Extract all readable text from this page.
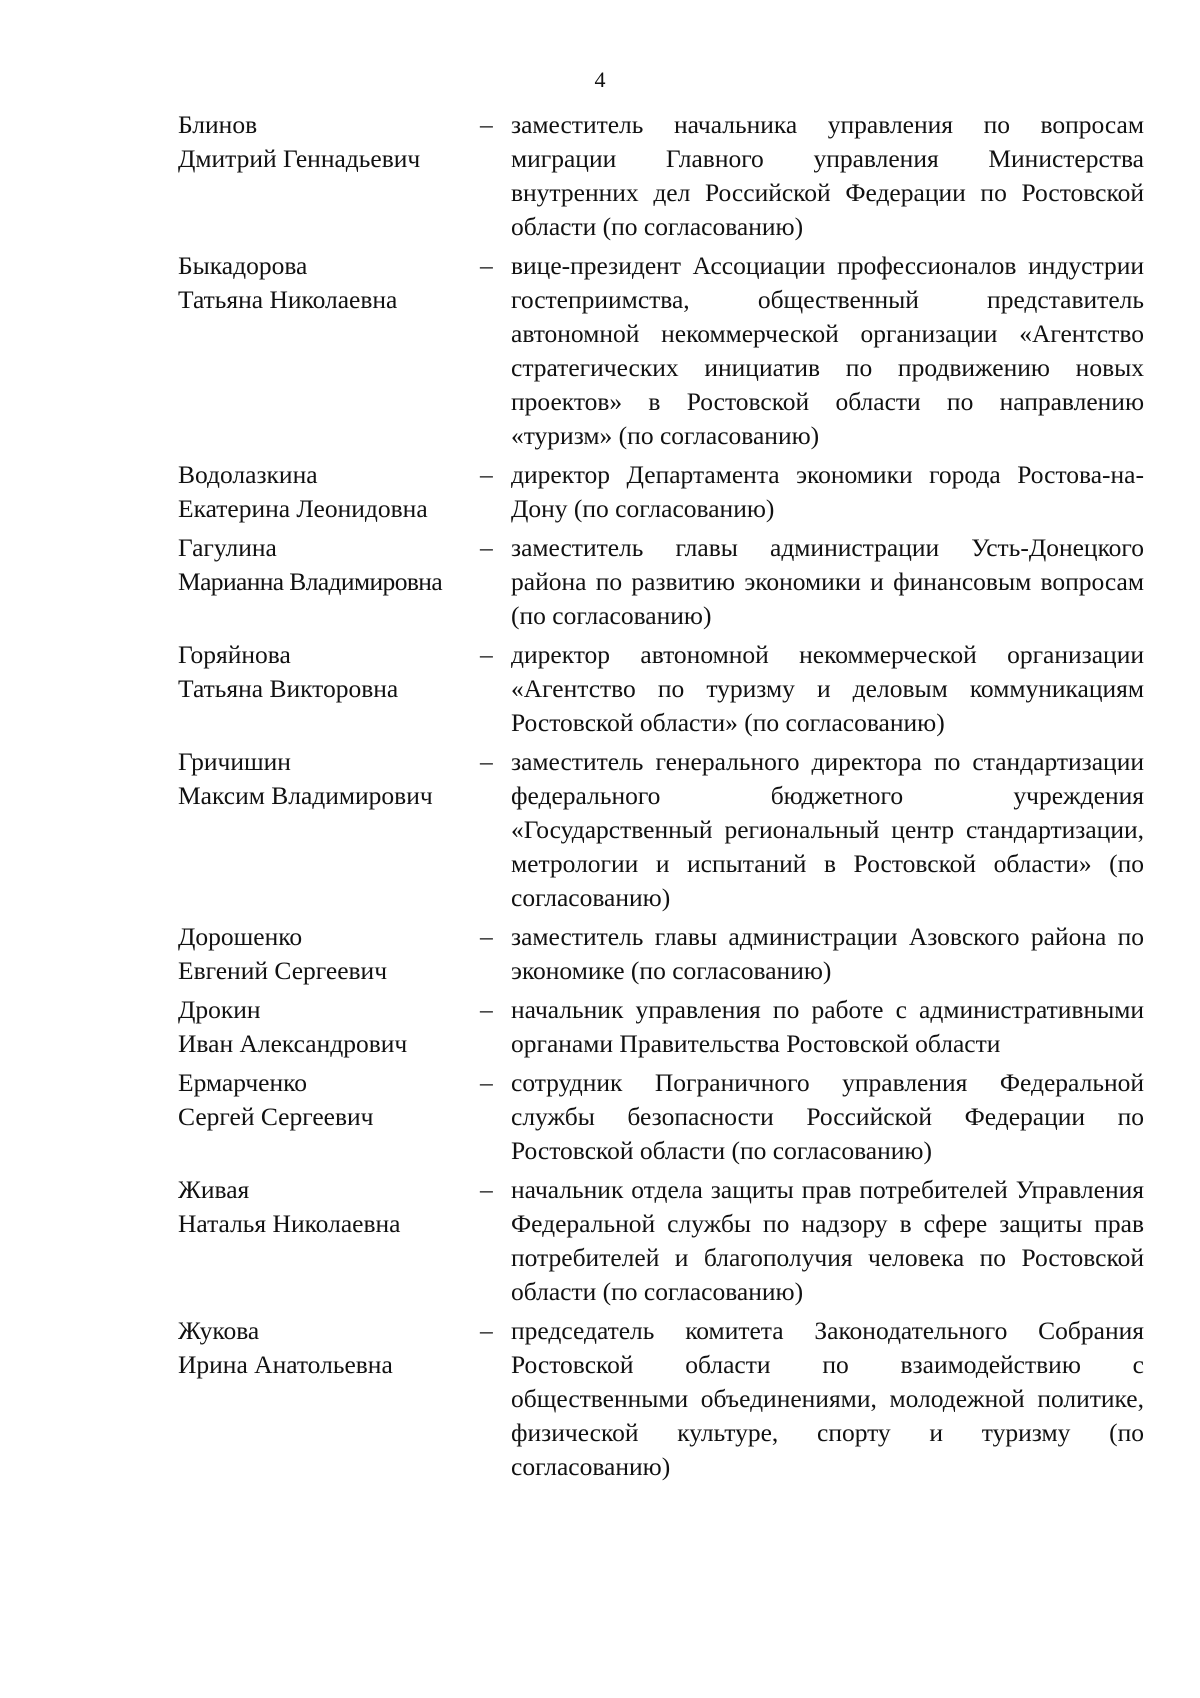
4
Блинов
Дмитрий Геннадьевич
– заместитель начальника управления по вопросам миграции Главного управления Министерства внутренних дел Российской Федерации по Ростовской области (по согласованию)
Быкадорова
Татьяна Николаевна
– вице-президент Ассоциации профессионалов индустрии гостеприимства, общественный представитель автономной некоммерческой организации «Агентство стратегических инициатив по продвижению новых проектов» в Ростовской области по направлению «туризм» (по согласованию)
Водолазкина
Екатерина Леонидовна
– директор Департамента экономики города Ростова-на-Дону (по согласованию)
Гагулина
Марианна Владимировна
– заместитель главы администрации Усть-Донецкого района по развитию экономики и финансовым вопросам (по согласованию)
Горяйнова
Татьяна Викторовна
– директор автономной некоммерческой организации «Агентство по туризму и деловым коммуникациям Ростовской области» (по согласованию)
Гричишин
Максим Владимирович
– заместитель генерального директора по стандартизации федерального бюджетного учреждения «Государственный региональный центр стандартизации, метрологии и испытаний в Ростовской области» (по согласованию)
Дорошенко
Евгений Сергеевич
– заместитель главы администрации Азовского района по экономике (по согласованию)
Дрокин
Иван Александрович
– начальник управления по работе с административными органами Правительства Ростовской области
Ермарченко
Сергей Сергеевич
– сотрудник Пограничного управления Федеральной службы безопасности Российской Федерации по Ростовской области (по согласованию)
Живая
Наталья Николаевна
– начальник отдела защиты прав потребителей Управления Федеральной службы по надзору в сфере защиты прав потребителей и благополучия человека по Ростовской области (по согласованию)
Жукова
Ирина Анатольевна
– председатель комитета Законодательного Собрания Ростовской области по взаимодействию с общественными объединениями, молодежной политике, физической культуре, спорту и туризму (по согласованию)
